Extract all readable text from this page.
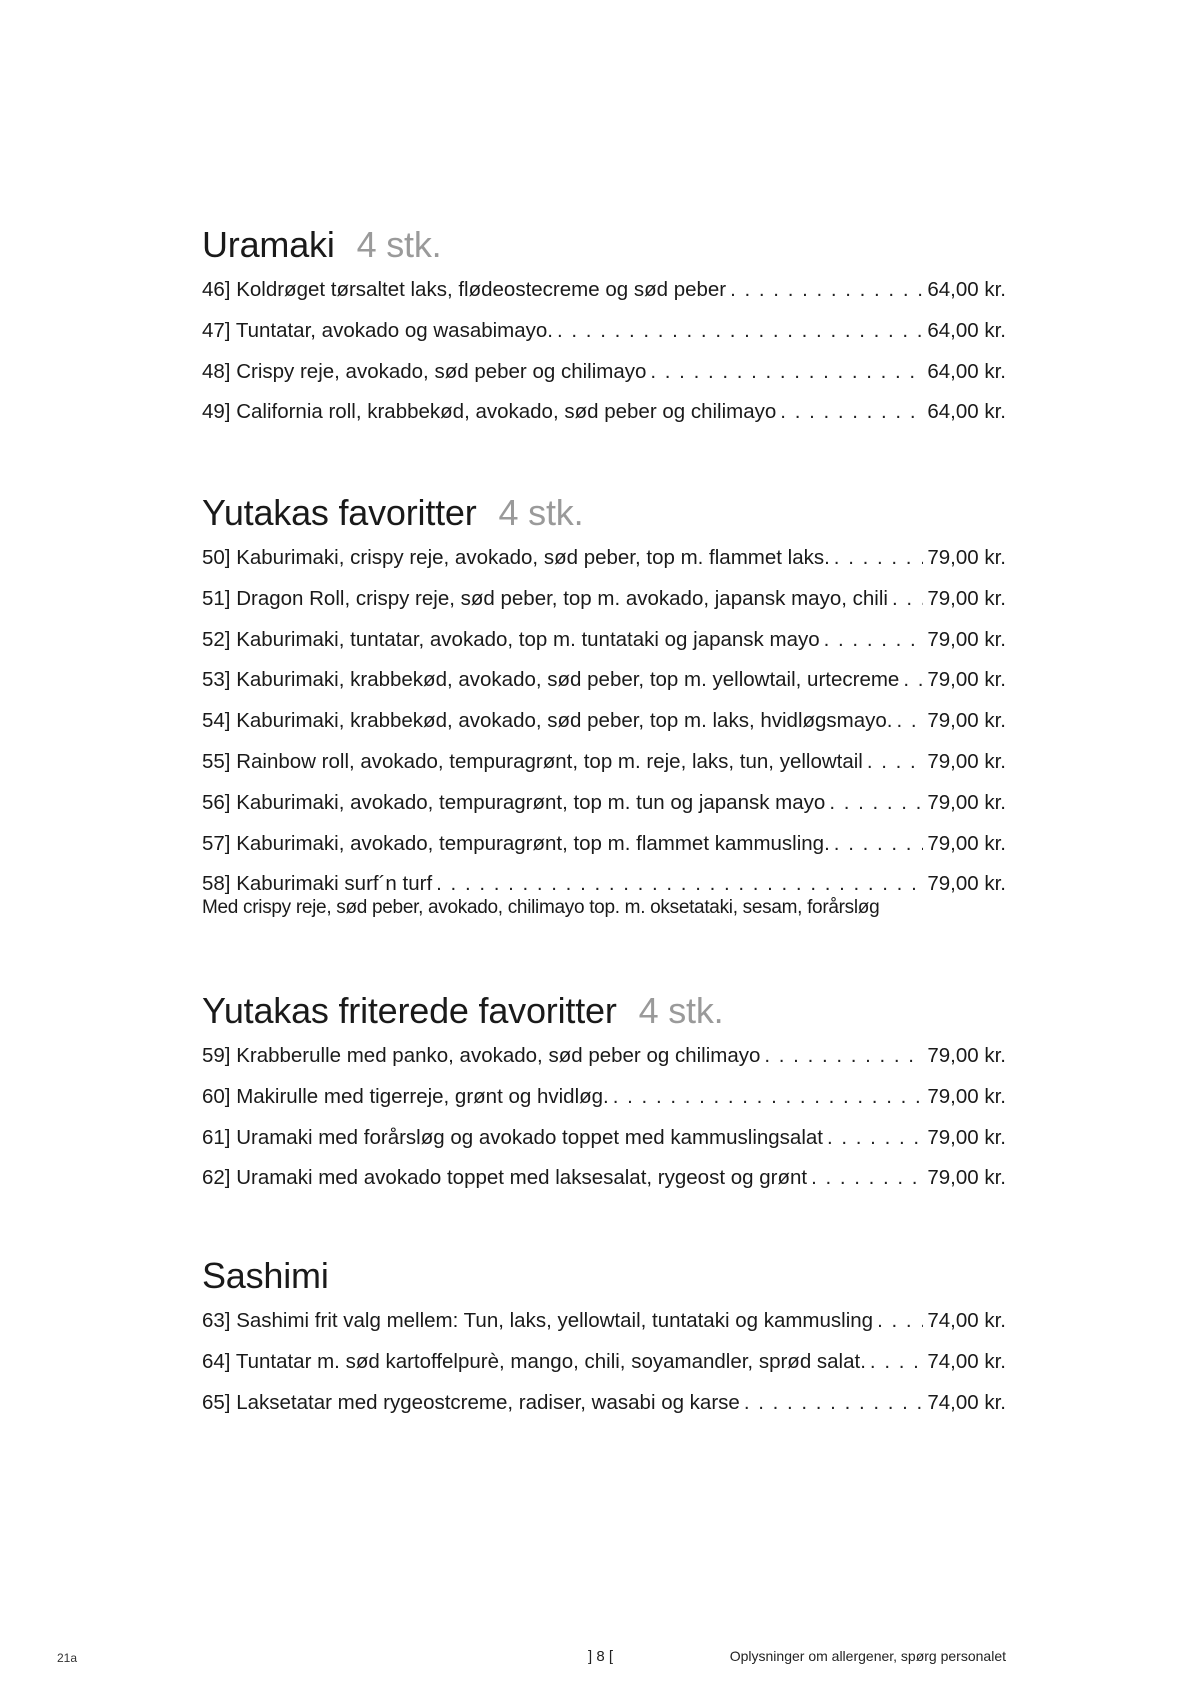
Uramaki 4 stk.
46] Koldrøget tørsaltet laks, flødeostecreme og sød peber . . .	64,00 kr.
47] Tuntatar, avokado og wasabimayo. . . .	64,00 kr.
48] Crispy reje, avokado, sød peber og chilimayo . . .	64,00 kr.
49] California roll, krabbekød, avokado, sød peber og chilimayo . . .	64,00 kr.
Yutakas favoritter 4 stk.
50] Kaburimaki, crispy reje, avokado, sød peber, top m. flammet laks. . . .	79,00 kr.
51] Dragon Roll, crispy reje, sød peber, top m. avokado, japansk mayo, chili . . . 79,00 kr.
52] Kaburimaki, tuntatar, avokado, top m. tuntataki og japansk mayo . . .	79,00 kr.
53] Kaburimaki, krabbekød, avokado, sød peber, top m. yellowtail, urtecreme . . . 79,00 kr.
54] Kaburimaki, krabbekød, avokado, sød peber, top m. laks, hvidløgsmayo. . . . 79,00 kr.
55] Rainbow roll, avokado, tempuragrønt, top m. reje, laks, tun, yellowtail . . .	79,00 kr.
56] Kaburimaki, avokado, tempuragrønt, top m. tun og japansk mayo . . .	79,00 kr.
57] Kaburimaki, avokado, tempuragrønt, top m. flammet kammusling. . . .	79,00 kr.
58] Kaburimaki surf´n turf . . .	79,00 kr.
Med crispy reje, sød peber, avokado, chilimayo top. m. oksetataki, sesam, forårsløg
Yutakas friterede favoritter 4 stk.
59] Krabberulle med panko, avokado, sød peber og chilimayo . . .	79,00 kr.
60] Makirulle med tigerreje, grønt og hvidløg. . . .	79,00 kr.
61] Uramaki med forårsløg og avokado toppet med kammuslingsalat . . .	79,00 kr.
62] Uramaki med avokado toppet med laksesalat, rygeost og grønt . . .	79,00 kr.
Sashimi
63] Sashimi frit valg mellem: Tun, laks, yellowtail, tuntataki og kammusling . . .	74,00 kr.
64] Tuntatar m. sød kartoffelpurè, mango, chili, soyamandler, sprød salat. . . .	74,00 kr.
65] Laksetatar med rygeostcreme, radiser, wasabi og karse . . .	74,00 kr.
21a	] 8 [	Oplysninger om allergener, spørg personalet
